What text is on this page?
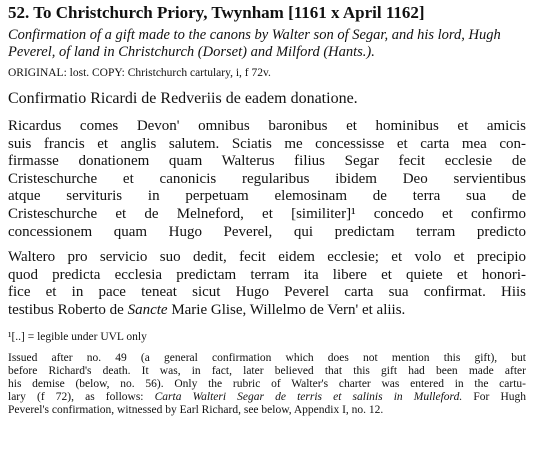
52. To Christchurch Priory, Twynham [1161 x April 1162]
Confirmation of a gift made to the canons by Walter son of Segar, and his lord, Hugh Peverel, of land in Christchurch (Dorset) and Milford (Hants.).
ORIGINAL: lost. COPY: Christchurch cartulary, i, f 72v.
Confirmatio Ricardi de Redveriis de eadem donatione.
Ricardus comes Devon' omnibus baronibus et hominibus et amicis
suis francis et anglis salutem. Sciatis me concessisse et carta mea con-
firmasse donationem quam Walterus filius Segar fecit ecclesie de
Cristeschurche et canonicis regularibus ibidem Deo servientibus
atque servituris in perpetuam elemosinam de terra sua de
Cristeschurche et de Melneford, et [similiter]¹ concedo et confirmo
concessionem quam Hugo Peverel, qui predictam terram predicto
Waltero pro servicio suo dedit, fecit eidem ecclesie; et volo et precipio
quod predicta ecclesia predictam terram ita libere et quiete et honori-
fice et in pace teneat sicut Hugo Peverel carta sua confirmat. Hiis
testibus Roberto de Sancte Marie Glise, Willelmo de Vern' et aliis.
¹[..] = legible under UVL only
Issued after no. 49 (a general confirmation which does not mention this gift), but
before Richard's death. It was, in fact, later believed that this gift had been made after
his demise (below, no. 56). Only the rubric of Walter's charter was entered in the cartu-
lary (f 72), as follows: Carta Walteri Segar de terris et salinis in Mulleford. For Hugh
Peverel's confirmation, witnessed by Earl Richard, see below, Appendix I, no. 12.
